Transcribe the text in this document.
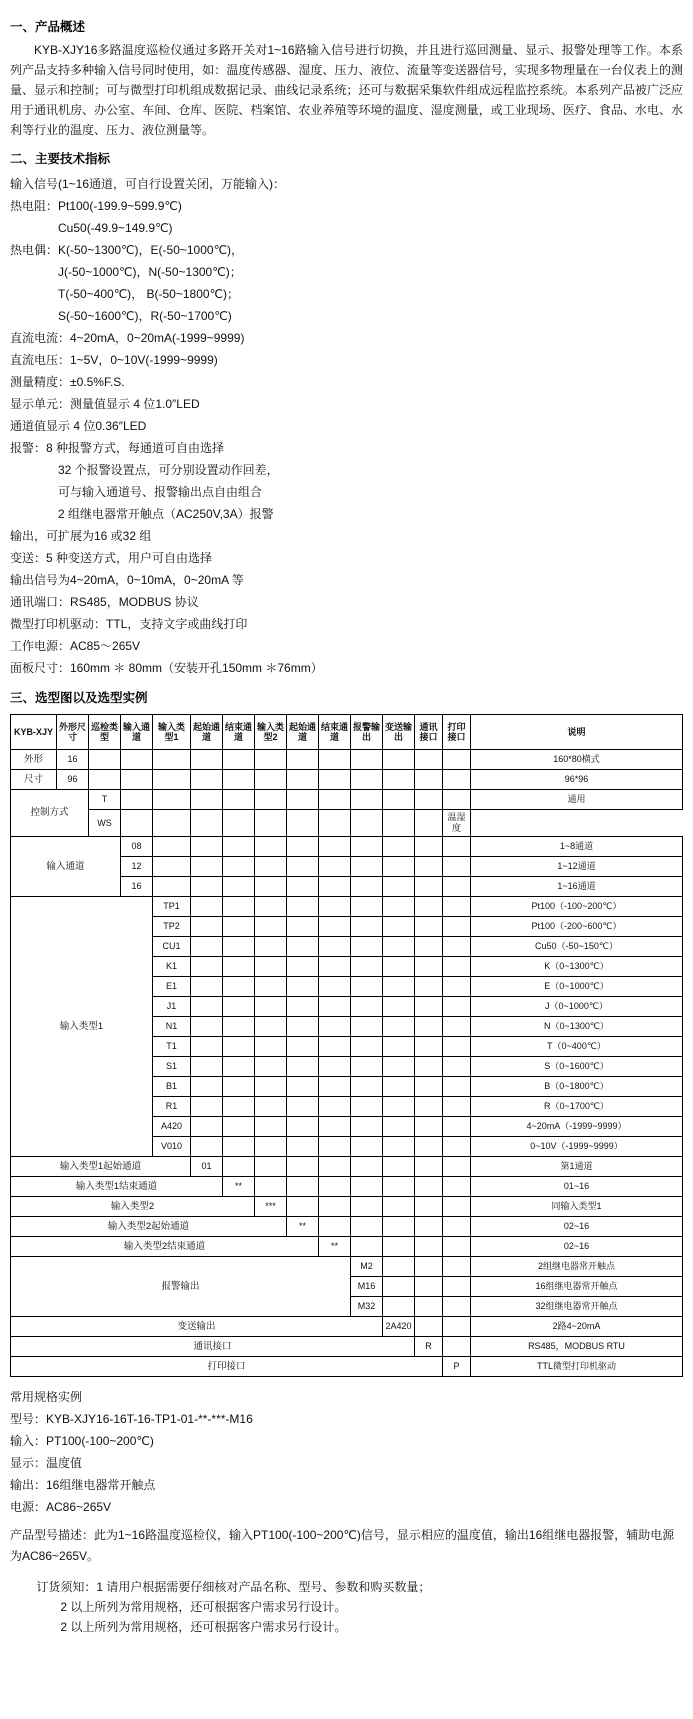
一、产品概述

KYB-XJY16多路温度巡检仪通过多路开关对1~16路输入信号进行切换，并且进行巡回测量、显示、报警处理等工作。本系列产品支持多种输入信号同时使用，如：温度传感器、湿度、压力、液位、流量等变送器信号，实现多物理量在一台仪表上的测量、显示和控制；可与微型打印机组成数据记录、曲线记录系统；还可与数据采集软件组成远程监控系统。本系列产品被广泛应用于通讯机房、办公室、车间、仓库、医院、档案馆、农业养殖等环境的温度、湿度测量，或工业现场、医疗、食品、水电、水利等行业的温度、压力、液位测量等。

二、主要技术指标
输入信号(1~16通道，可自行设置关闭，万能输入)：
热电阻：Pt100(-199.9~599.9℃)
Cu50(-49.9~149.9℃)
热电偶：K(-50~1300℃)，E(-50~1000℃)，
J(-50~1000℃)，N(-50~1300℃)；
T(-50~400℃)， B(-50~1800℃)；
S(-50~1600℃)，R(-50~1700℃)
直流电流：4~20mA，0~20mA(-1999~9999)
直流电压：1~5V，0~10V(-1999~9999)
测量精度：±0.5%F.S.
显示单元：测量值显示 4 位1.0″LED
通道值显示 4 位0.36″LED
报警：8 种报警方式，每通道可自由选择
32 个报警设置点，可分别设置动作回差，
可与输入通道号、报警输出点自由组合
2 组继电器常开触点（AC250V,3A）报警
输出，可扩展为16 或32 组
变送：5 种变送方式，用户可自由选择
输出信号为4~20mA，0~10mA，0~20mA 等
通讯端口：RS485，MODBUS 协议
微型打印机驱动：TTL，支持文字或曲线打印
工作电源：AC85～265V
面板尺寸：160mm ＊ 80mm（安装开孔150mm ＊76mm）
三、选型图以及选型实例
KYB-XJY	外形尺寸	巡检类型	输入通道	输入类型1	起始通道	结束通道	输入类型2	起始通道	结束通道	报警输出	变送输出	通讯接口	打印接口	说明
外形	16													160*80横式
尺寸	96													96*96
控制方式		T												通用
		WS											温湿度	
输入通道			08											1~8通道
			12											1~12通道
			16											1~16通道
输入类型1				TP1										Pt100（-100~200℃）
				TP2										Pt100（-200~600℃）
				CU1										Cu50（-50~150℃）
				K1										K（0~1300℃）
				E1										E（0~1000℃）
				J1										J（0~1000℃）
				N1										N（0~1300℃）
				T1										T（0~400℃）
				S1										S（0~1600℃）
				B1										B（0~1800℃）
				R1										R（0~1700℃）
				A420										4~20mA（-1999~9999）
				V010										0~10V（-1999~9999）
输入类型1起始通道					01									第1通道
输入类型1结束通道						**								01~16
输入类型2							***							同输入类型1
输入类型2起始通道								**						02~16
输入类型2结束通道									**					02~16
报警输出										M2				2组继电器常开触点
										M16				16组继电器常开触点
										M32				32组继电器常开触点
变送输出											2A420			2路4~20mA
通讯接口												R		RS485，MODBUS RTU
打印接口													P	TTL微型打印机驱动
常用规格实例
型号：KYB-XJY16-16T-16-TP1-01-**-***-M16
输入：PT100(-100~200℃)
显示：温度值
输出：16组继电器常开触点
电源：AC86~265V
产品型号描述：此为1~16路温度巡检仪，输入PT100(-100~200℃)信号，显示相应的温度值，输出16组继电器报警，辅助电源为AC86~265V。
订货须知：1 请用户根据需要仔细核对产品名称、型号、参数和购买数量；
2 以上所列为常用规格，还可根据客户需求另行设计。
2 以上所列为常用规格，还可根据客户需求另行设计。
